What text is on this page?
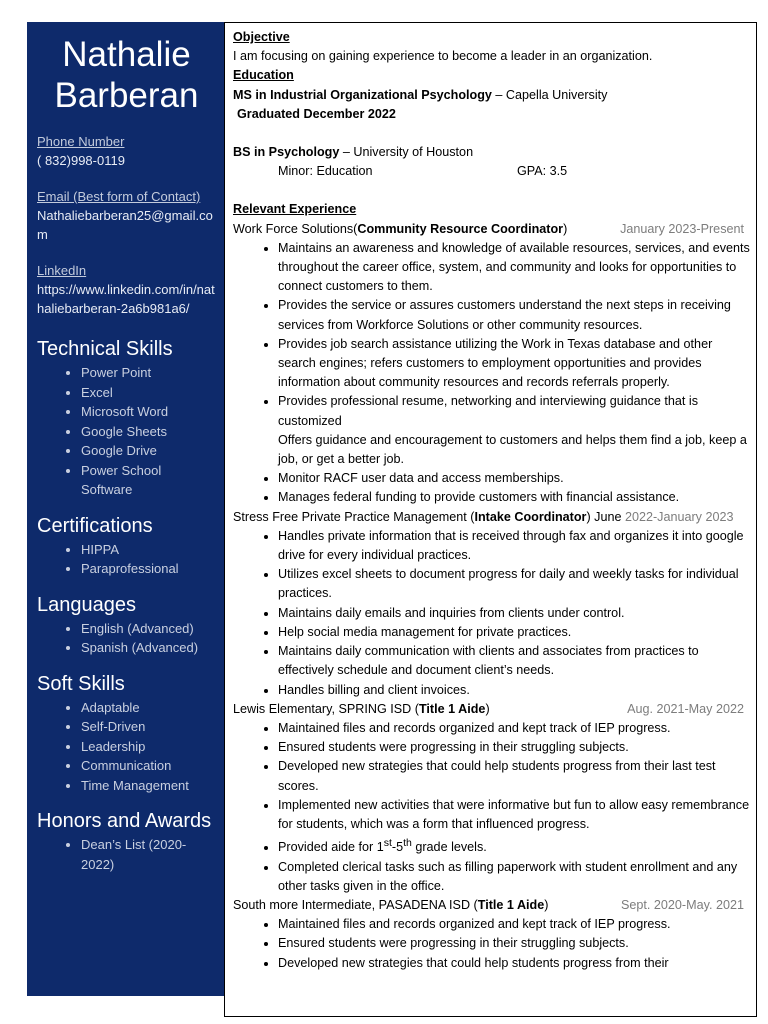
Nathalie
Barberan
Phone Number
( 832)998-0119
Email (Best form of Contact)
Nathaliebarberan25@gmail.com
LinkedIn
https://www.linkedin.com/in/nathaliebarberan-2a6b981a6/
Technical Skills
• Power Point
• Excel
• Microsoft Word
• Google Sheets
• Google Drive
• Power School Software
Certifications
• HIPPA
• Paraprofessional
Languages
• English (Advanced)
• Spanish (Advanced)
Soft Skills
• Adaptable
• Self-Driven
• Leadership
• Communication
• Time Management
Honors and Awards
• Dean’s List (2020-2022)
Objective
I am focusing on gaining experience to become a leader in an organization.
Education
MS in Industrial Organizational Psychology – Capella University
Graduated December 2022
BS in Psychology – University of Houston
Minor: Education	GPA: 3.5
Relevant Experience
Work Force Solutions(Community Resource Coordinator)	January 2023-Present
• Maintains an awareness and knowledge of available resources, services, and events throughout the career office, system, and community and looks for opportunities to connect customers to them.
• Provides the service or assures customers understand the next steps in receiving services from Workforce Solutions or other community resources.
• Provides job search assistance utilizing the Work in Texas database and other search engines; refers customers to employment opportunities and provides information about community resources and records referrals properly.
• Provides professional resume, networking and interviewing guidance that is customized
Offers guidance and encouragement to customers and helps them find a job, keep a job, or get a better job.
• Monitor RACF user data and access memberships.
• Manages federal funding to provide customers with financial assistance.
Stress Free Private Practice Management (Intake Coordinator) June 2022-January 2023
• Handles private information that is received through fax and organizes it into google drive for every individual practices.
• Utilizes excel sheets to document progress for daily and weekly tasks for individual practices.
• Maintains daily emails and inquiries from clients under control.
• Help social media management for private practices.
• Maintains daily communication with clients and associates from practices to effectively schedule and document client’s needs.
• Handles billing and client invoices.
Lewis Elementary, SPRING ISD (Title 1 Aide)	Aug. 2021-May 2022
• Maintained files and records organized and kept track of IEP progress.
• Ensured students were progressing in their struggling subjects.
• Developed new strategies that could help students progress from their last test scores.
• Implemented new activities that were informative but fun to allow easy remembrance for students, which was a form that influenced progress.
• Provided aide for 1st-5th grade levels.
• Completed clerical tasks such as filling paperwork with student enrollment and any other tasks given in the office.
South more Intermediate, PASADENA ISD (Title 1 Aide)	Sept. 2020-May. 2021
• Maintained files and records organized and kept track of IEP progress.
• Ensured students were progressing in their struggling subjects.
• Developed new strategies that could help students progress from their
